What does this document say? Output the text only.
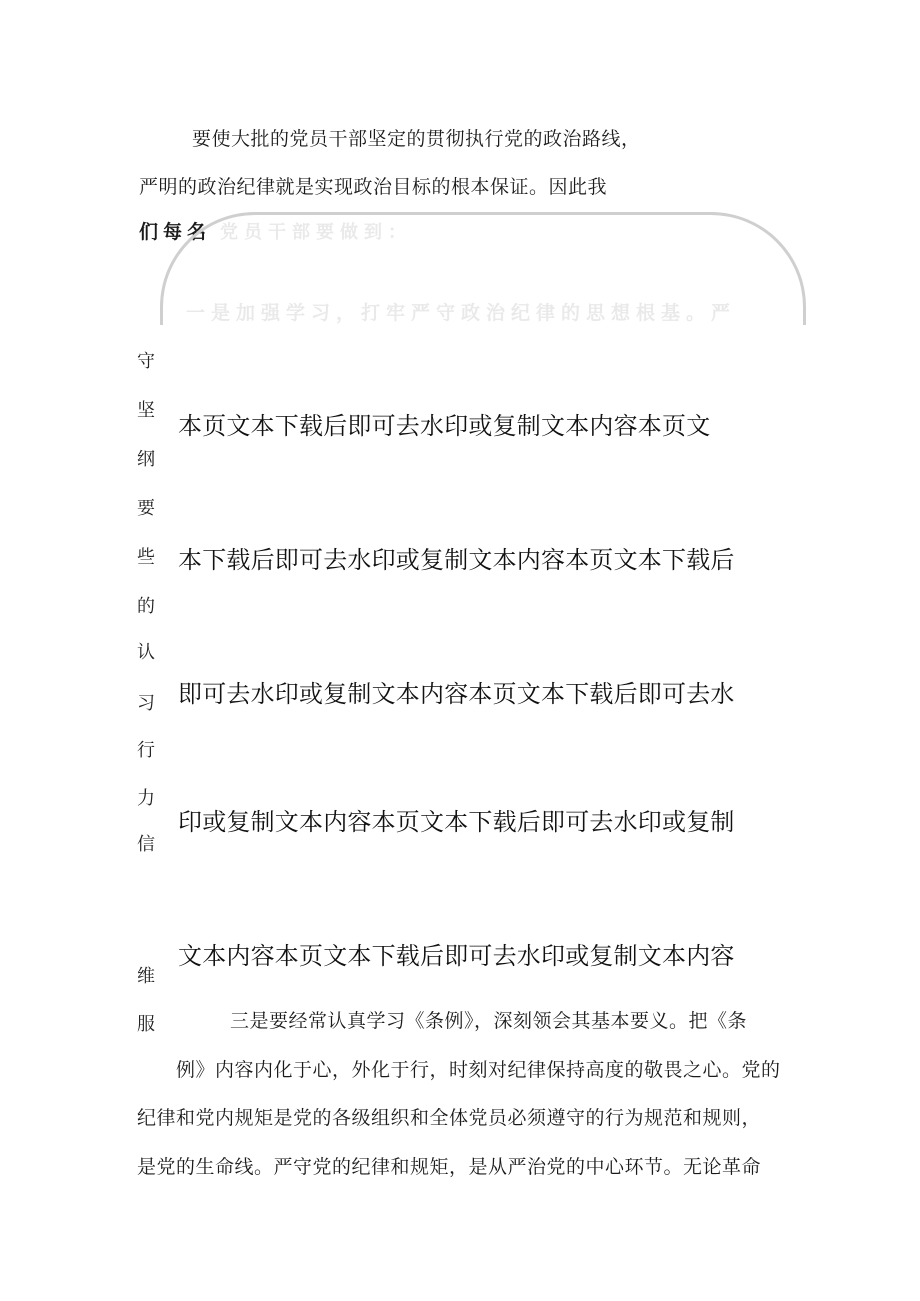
要使大批的党员干部坚定的贯彻执行党的政治路线，
严明的政治纪律就是实现政治目标的根本保证。因此我
们每名 党员干部要做到：
一是加强学习，打牢严守政治纪律的思想根基。严
守
坚
纲
要
些
的
认
习
行
力
信
维
服
本页文本下载后即可去水印或复制文本内容本页文
本下载后即可去水印或复制文本内容本页文本下载后
即可去水印或复制文本内容本页文本下载后即可去水
印或复制文本内容本页文本下载后即可去水印或复制
文本内容本页文本下载后即可去水印或复制文本内容
三是要经常认真学习《条例》，深刻领会其基本要义。把《条
例》内容内化于心，外化于行，时刻对纪律保持高度的敬畏之心。党的
纪律和党内规矩是党的各级组织和全体党员必须遵守的行为规范和规则，
是党的生命线。严守党的纪律和规矩，是从严治党的中心环节。无论革命
